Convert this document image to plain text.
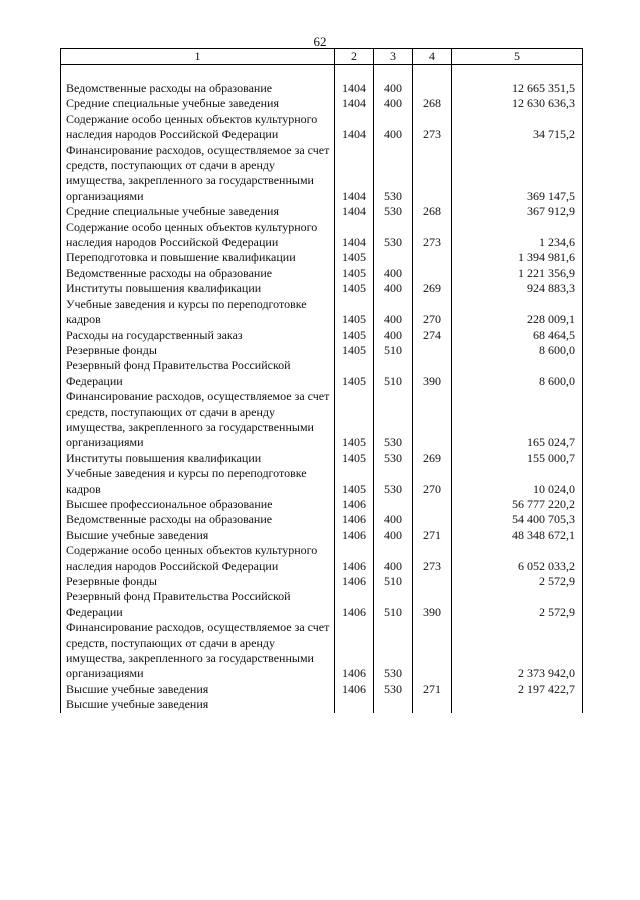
62
1	2	3	4	5

Ведомственные расходы на образование	1404	400		12 665 351,5
Средние специальные учебные заведения	1404	400	268	12 630 636,3
Содержание особо ценных объектов культурного наследия народов Российской Федерации	1404	400	273	34 715,2
Финансирование расходов, осуществляемое за счет средств, поступающих от сдачи в аренду имущества, закрепленного за государственными организациями	1404	530		369 147,5
Средние специальные учебные заведения	1404	530	268	367 912,9
Содержание особо ценных объектов культурного наследия народов Российской Федерации	1404	530	273	1 234,6
Переподготовка и повышение квалификации	1405			1 394 981,6
Ведомственные расходы на образование	1405	400		1 221 356,9
Институты повышения квалификации	1405	400	269	924 883,3
Учебные заведения и курсы по переподготовке кадров	1405	400	270	228 009,1
Расходы на государственный заказ	1405	400	274	68 464,5
Резервные фонды	1405	510		8 600,0
Резервный фонд Правительства Российской Федерации	1405	510	390	8 600,0
Финансирование расходов, осуществляемое за счет средств, поступающих от сдачи в аренду имущества, закрепленного за государственными организациями	1405	530		165 024,7
Институты повышения квалификации	1405	530	269	155 000,7
Учебные заведения и курсы по переподготовке кадров	1405	530	270	10 024,0
Высшее профессиональное образование	1406			56 777 220,2
Ведомственные расходы на образование	1406	400		54 400 705,3
Высшие учебные заведения	1406	400	271	48 348 672,1
Содержание особо ценных объектов культурного наследия народов Российской Федерации	1406	400	273	6 052 033,2
Резервные фонды	1406	510		2 572,9
Резервный фонд Правительства Российской Федерации	1406	510	390	2 572,9
Финансирование расходов, осуществляемое за счет средств, поступающих от сдачи в аренду имущества, закрепленного за государственными организациями	1406	530		2 373 942,0
Высшие учебные заведения	1406	530	271	2 197 422,7
Высшие учебные заведения				
